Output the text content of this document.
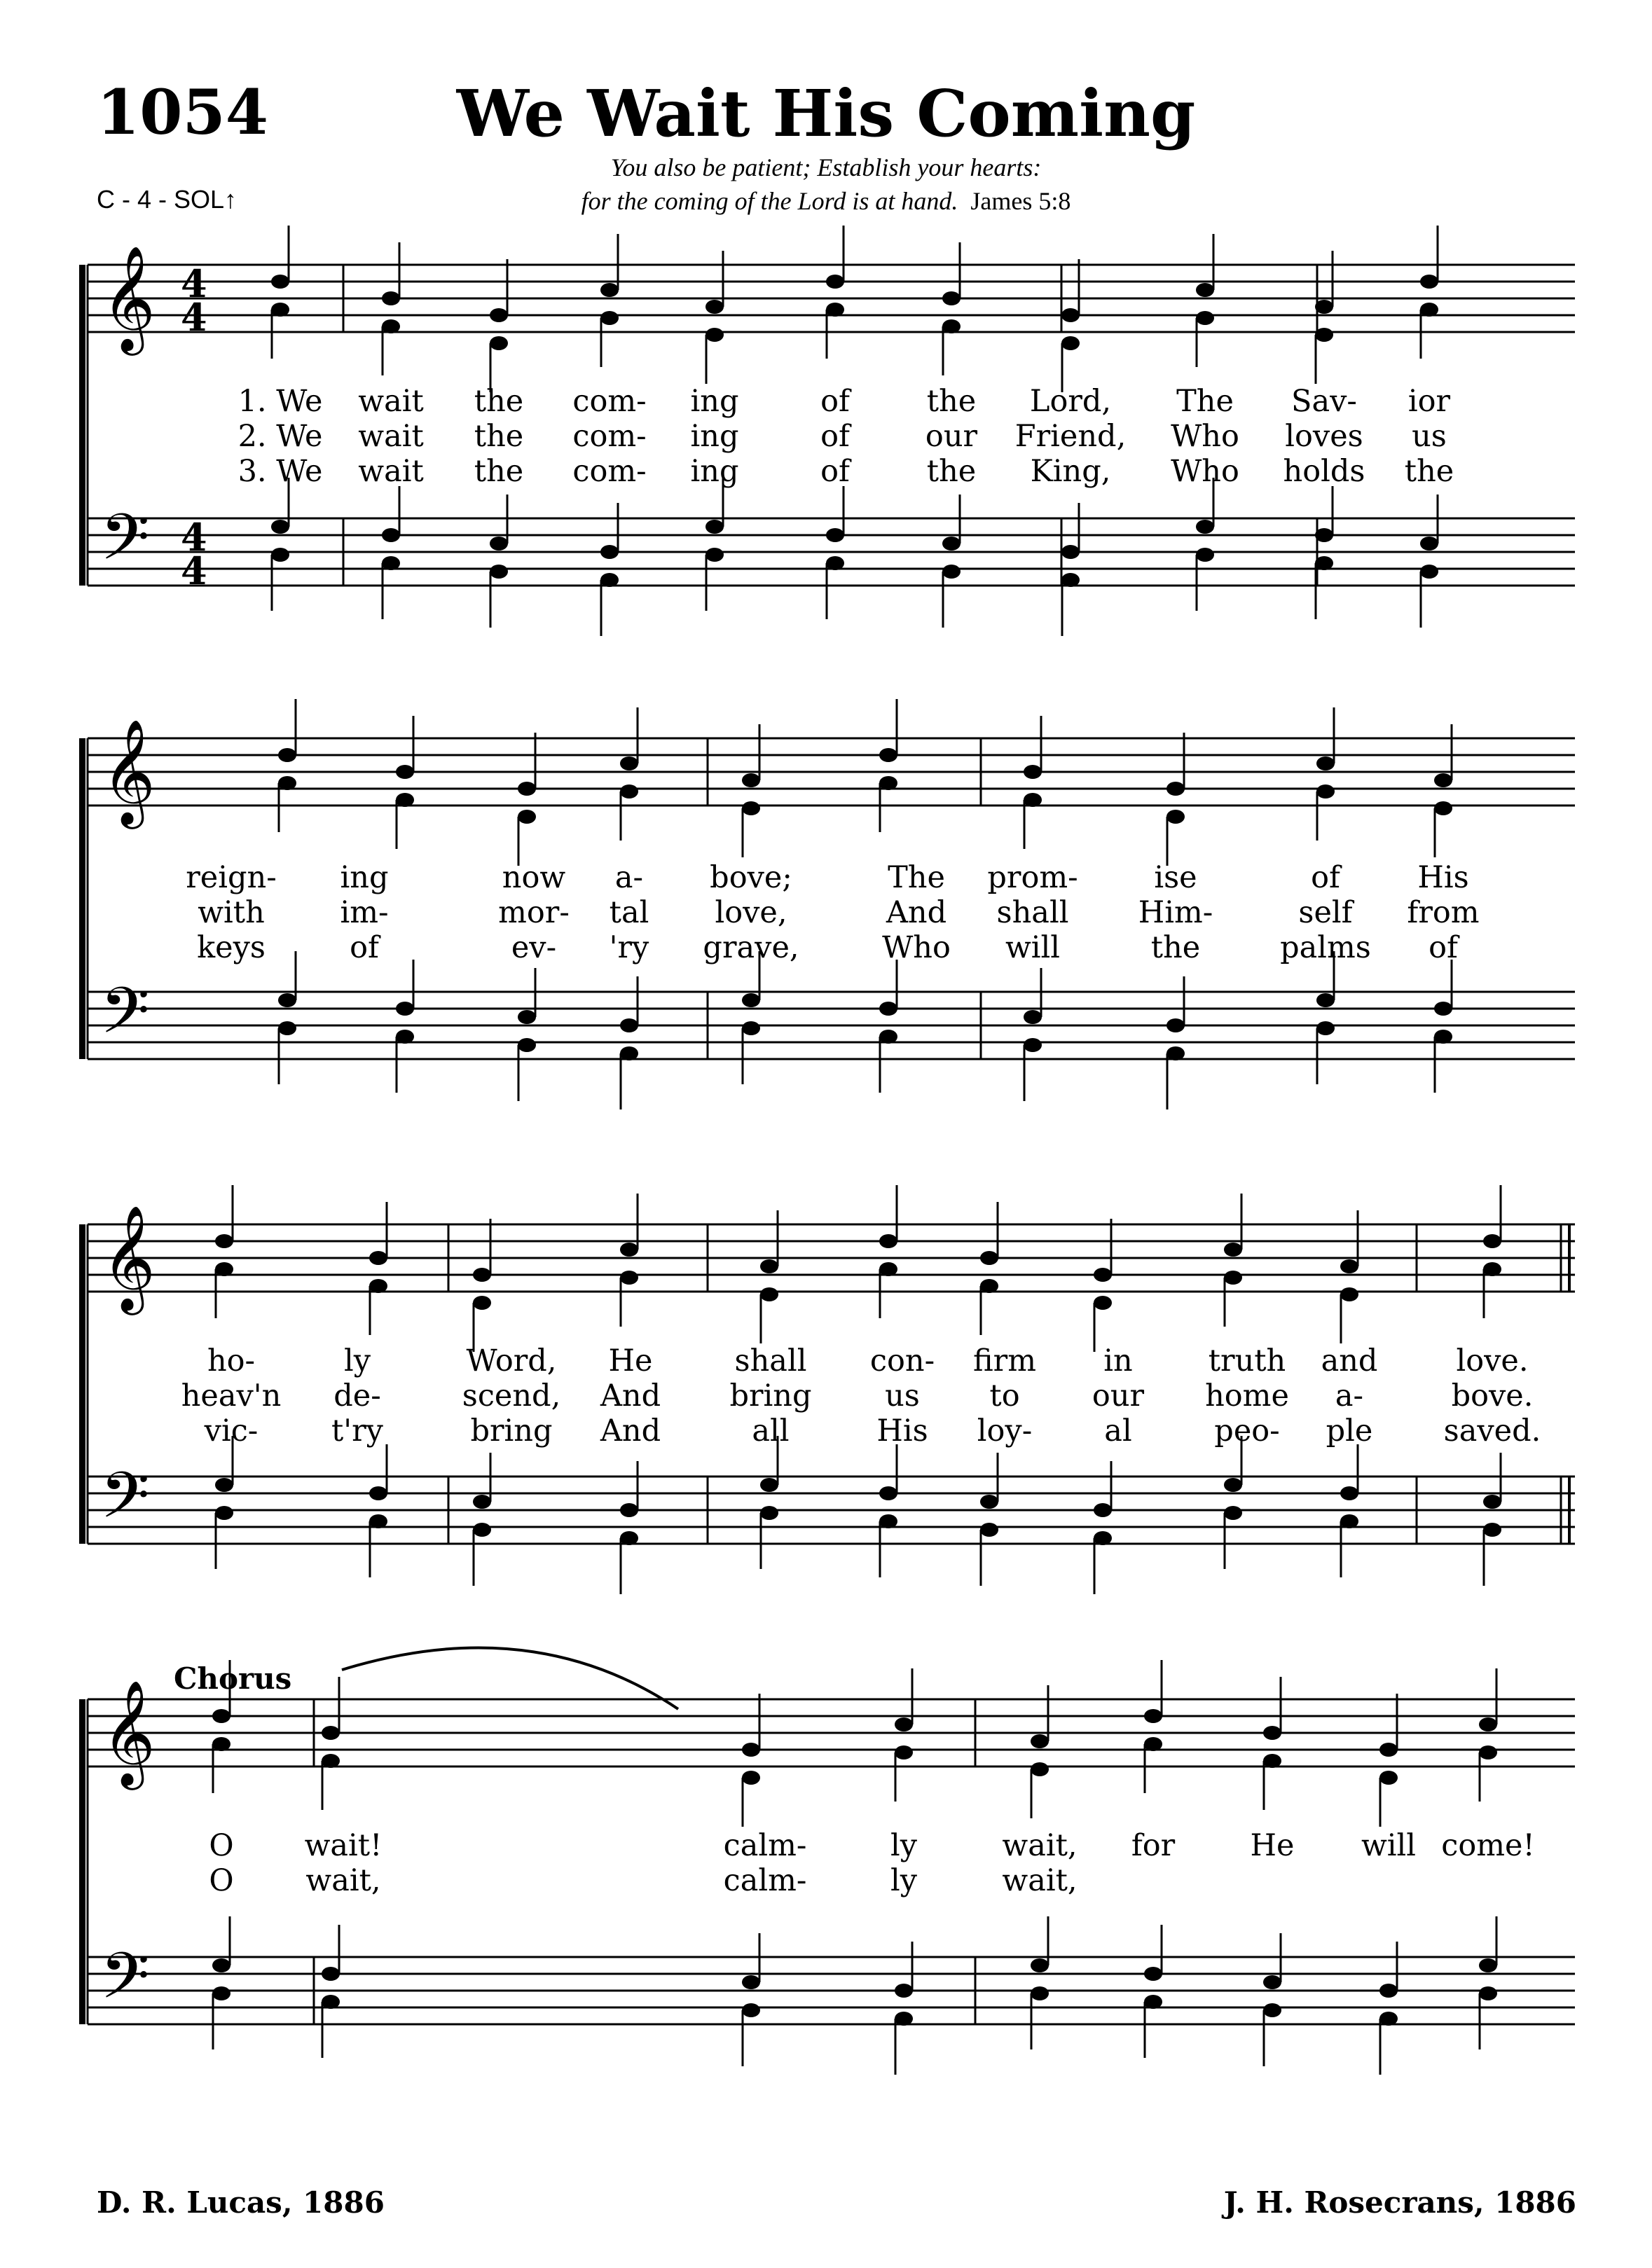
1054	We Wait His Coming
You also be patient; Establish your hearts:
for the coming of the Lord is at hand. James 5:8
C - 4 - SOL↑
Chorus
𝄞
𝄢
4
4
4
4
𝄞
𝄢
𝄞
𝄢
𝄞
𝄢
1. We wait the com- ing	of	the Lord, The Sav- ior
2. We wait the com- ing	of	our Friend, Who loves us
3. We wait the com- ing	of	the King, Who holds the
reign- ing	now a- bove;	The prom-	ise	of	His
with	im-	mor- tal love,	And shall Him-	self from
keys	of	ev- 'ry grave,	Who will	the	palms of
ho-	ly	Word, He	shall con- firm in	truth and	love.
heav'n de-	scend, And bring us to our home a-	bove.
vic- t'ry	bring And	all	His loy- al	peo- ple saved.
O wait!	calm-	ly	wait, for He will come!
O wait,	calm-	ly	wait,
D. R. Lucas, 1886	J. H. Rosecrans, 1886
